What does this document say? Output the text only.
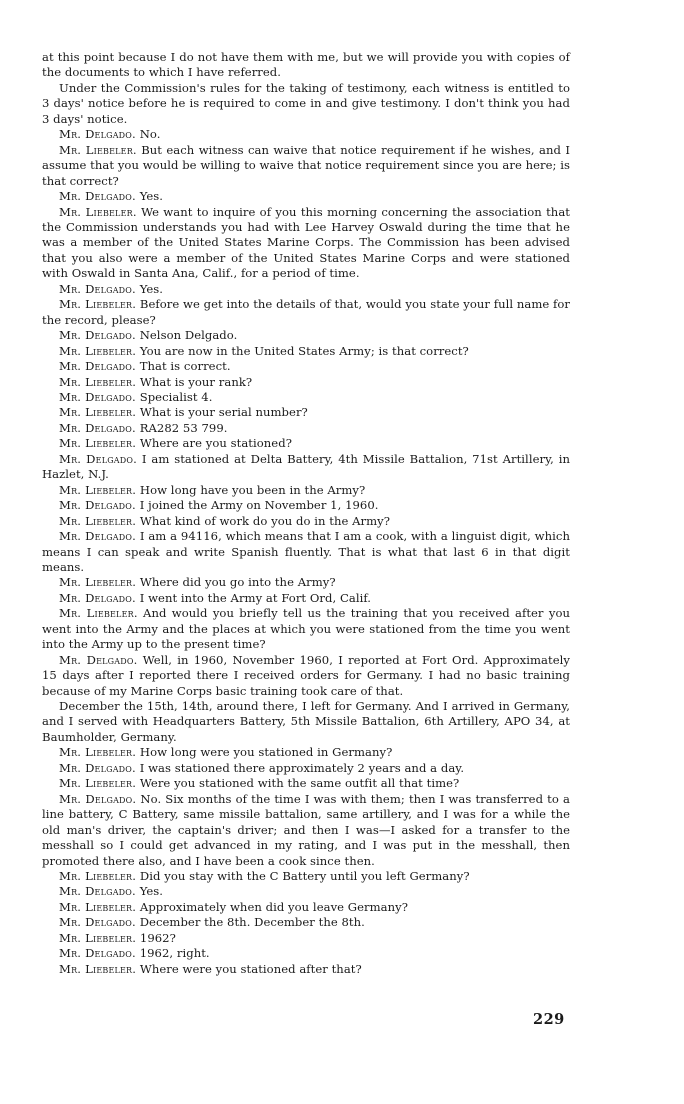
at this point because I do not have them with me, but we will provide you with copies of the documents to which I have referred.

Under the Commission's rules for the taking of testimony, each witness is entitled to 3 days' notice before he is required to come in and give testimony. I don't think you had 3 days' notice.

Mr. Delgado. No.

Mr. Liebeler. But each witness can waive that notice requirement if he wishes, and I assume that you would be willing to waive that notice requirement since you are here; is that correct?

Mr. Delgado. Yes.

Mr. Liebeler. We want to inquire of you this morning concerning the association that the Commission understands you had with Lee Harvey Oswald during the time that he was a member of the United States Marine Corps. The Commission has been advised that you also were a member of the United States Marine Corps and were stationed with Oswald in Santa Ana, Calif., for a period of time.

Mr. Delgado. Yes.

Mr. Liebeler. Before we get into the details of that, would you state your full name for the record, please?

Mr. Delgado. Nelson Delgado.

Mr. Liebeler. You are now in the United States Army; is that correct?

Mr. Delgado. That is correct.

Mr. Liebeler. What is your rank?

Mr. Delgado. Specialist 4.

Mr. Liebeler. What is your serial number?

Mr. Delgado. RA282 53 799.

Mr. Liebeler. Where are you stationed?

Mr. Delgado. I am stationed at Delta Battery, 4th Missile Battalion, 71st Artillery, in Hazlet, N.J.

Mr. Liebeler. How long have you been in the Army?

Mr. Delgado. I joined the Army on November 1, 1960.

Mr. Liebeler. What kind of work do you do in the Army?

Mr. Delgado. I am a 94116, which means that I am a cook, with a linguist digit, which means I can speak and write Spanish fluently. That is what that last 6 in that digit means.

Mr. Liebeler. Where did you go into the Army?

Mr. Delgado. I went into the Army at Fort Ord, Calif.

Mr. Liebeler. And would you briefly tell us the training that you received after you went into the Army and the places at which you were stationed from the time you went into the Army up to the present time?

Mr. Delgado. Well, in 1960, November 1960, I reported at Fort Ord. Approximately 15 days after I reported there I received orders for Germany. I had no basic training because of my Marine Corps basic training took care of that.

December the 15th, 14th, around there, I left for Germany. And I arrived in Germany, and I served with Headquarters Battery, 5th Missile Battalion, 6th Artillery, APO 34, at Baumholder, Germany.

Mr. Liebeler. How long were you stationed in Germany?

Mr. Delgado. I was stationed there approximately 2 years and a day.

Mr. Liebeler. Were you stationed with the same outfit all that time?

Mr. Delgado. No. Six months of the time I was with them; then I was transferred to a line battery, C Battery, same missile battalion, same artillery, and I was for a while the old man's driver, the captain's driver; and then I was—I asked for a transfer to the messhall so I could get advanced in my rating, and I was put in the messhall, then promoted there also, and I have been a cook since then.

Mr. Liebeler. Did you stay with the C Battery until you left Germany?

Mr. Delgado. Yes.

Mr. Liebeler. Approximately when did you leave Germany?

Mr. Delgado. December the 8th. December the 8th.

Mr. Liebeler. 1962?

Mr. Delgado. 1962, right.

Mr. Liebeler. Where were you stationed after that?

229
